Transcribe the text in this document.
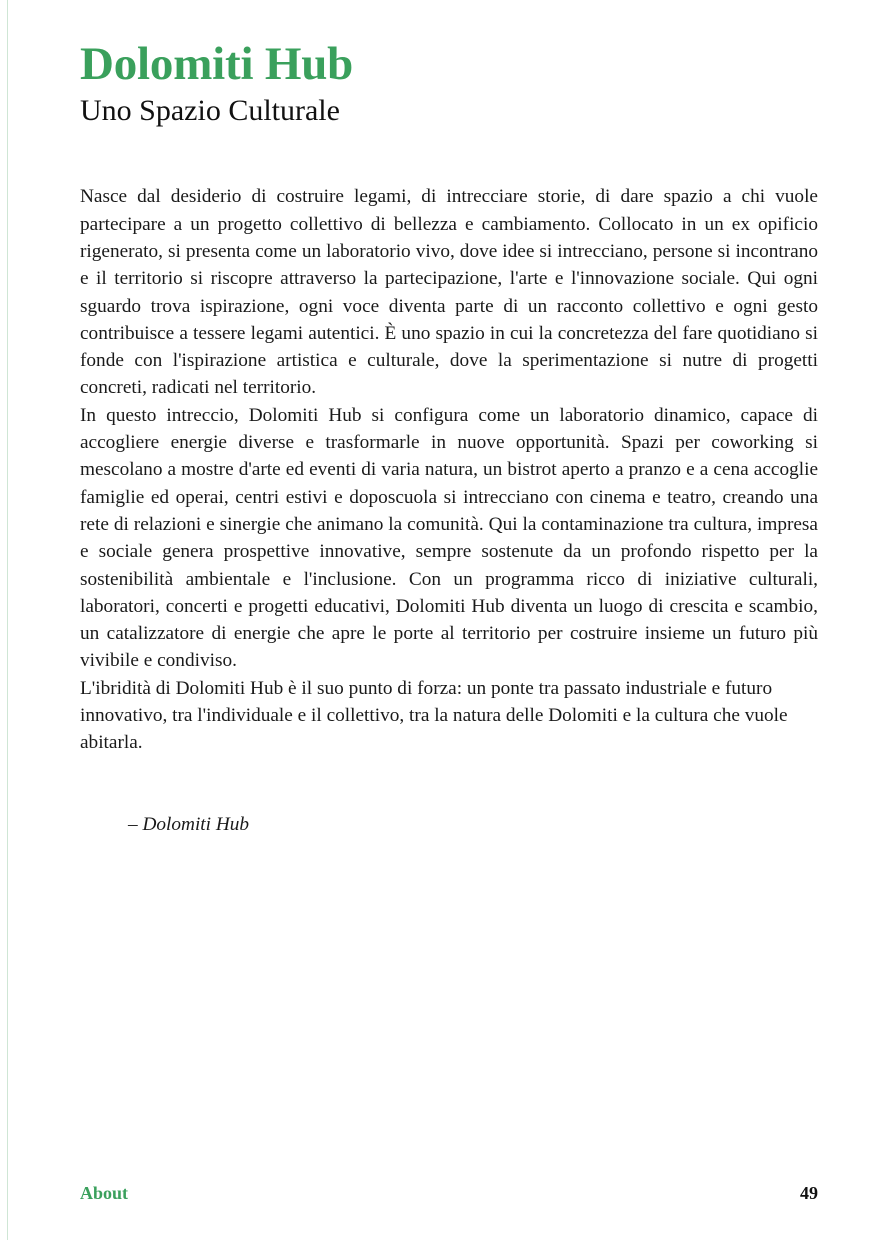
Dolomiti Hub
Uno Spazio Culturale

Nasce dal desiderio di costruire legami, di intrecciare storie, di dare spazio a chi vuole partecipare a un progetto collettivo di bellezza e cambiamento. Collocato in un ex opificio rigenerato, si presenta come un laboratorio vivo, dove idee si intrecciano, persone si incontrano e il territorio si riscopre attraverso la partecipazione, l'arte e l'innovazione sociale. Qui ogni sguardo trova ispirazione, ogni voce diventa parte di un racconto collettivo e ogni gesto contribuisce a tessere legami autentici. È uno spazio in cui la concretezza del fare quotidiano si fonde con l'ispirazione artistica e culturale, dove la sperimentazione si nutre di progetti concreti, radicati nel territorio.

In questo intreccio, Dolomiti Hub si configura come un laboratorio dinamico, capace di accogliere energie diverse e trasformarle in nuove opportunità. Spazi per coworking si mescolano a mostre d'arte ed eventi di varia natura, un bistrot aperto a pranzo e a cena accoglie famiglie ed operai, centri estivi e doposcuola si intrecciano con cinema e teatro, creando una rete di relazioni e sinergie che animano la comunità. Qui la contaminazione tra cultura, impresa e sociale genera prospettive innovative, sempre sostenute da un profondo rispetto per la sostenibilità ambientale e l'inclusione. Con un programma ricco di iniziative culturali, laboratori, concerti e progetti educativi, Dolomiti Hub diventa un luogo di crescita e scambio, un catalizzatore di energie che apre le porte al territorio per costruire insieme un futuro più vivibile e condiviso.

L'ibridità di Dolomiti Hub è il suo punto di forza: un ponte tra passato industriale e futuro innovativo, tra l'individuale e il collettivo, tra la natura delle Dolomiti e la cultura che vuole abitarla.

– Dolomiti Hub
About	49
